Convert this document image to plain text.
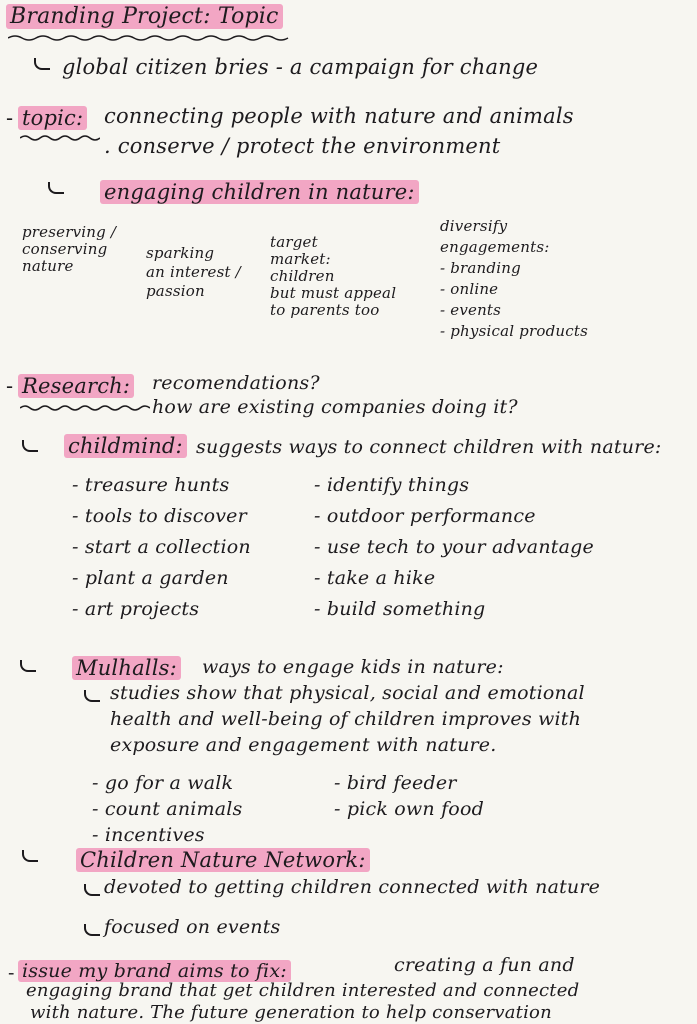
Branding Project: Topic
global citizen bries - a campaign for change
- topic: connecting people with nature and animals
. conserve / protect the environment
engaging children in nature:
preserving /
conserving
nature
sparking
an interest /
passion
target
market:
children
but must appeal
to parents too
diversify
engagements:
- branding
- online
- events
- physical products
- Research: recomendations?
how are existing companies doing it?
childmind: suggests ways to connect children with nature:
- treasure hunts
- tools to discover
- start a collection
- plant a garden
- art projects
- identify things
- outdoor performance
- use tech to your advantage
- take a hike
- build something
Mulhalls: ways to engage kids in nature:
studies show that physical, social and emotional
health and well-being of children improves with
exposure and engagement with nature.
- go for a walk
- count animals
- incentives
- bird feeder
- pick own food
Children Nature Network:
devoted to getting children connected with nature
focused on events
- issue my brand aims to fix:	creating a fun and
engaging brand that get children interested and connected
with nature. The future generation to help conservation
